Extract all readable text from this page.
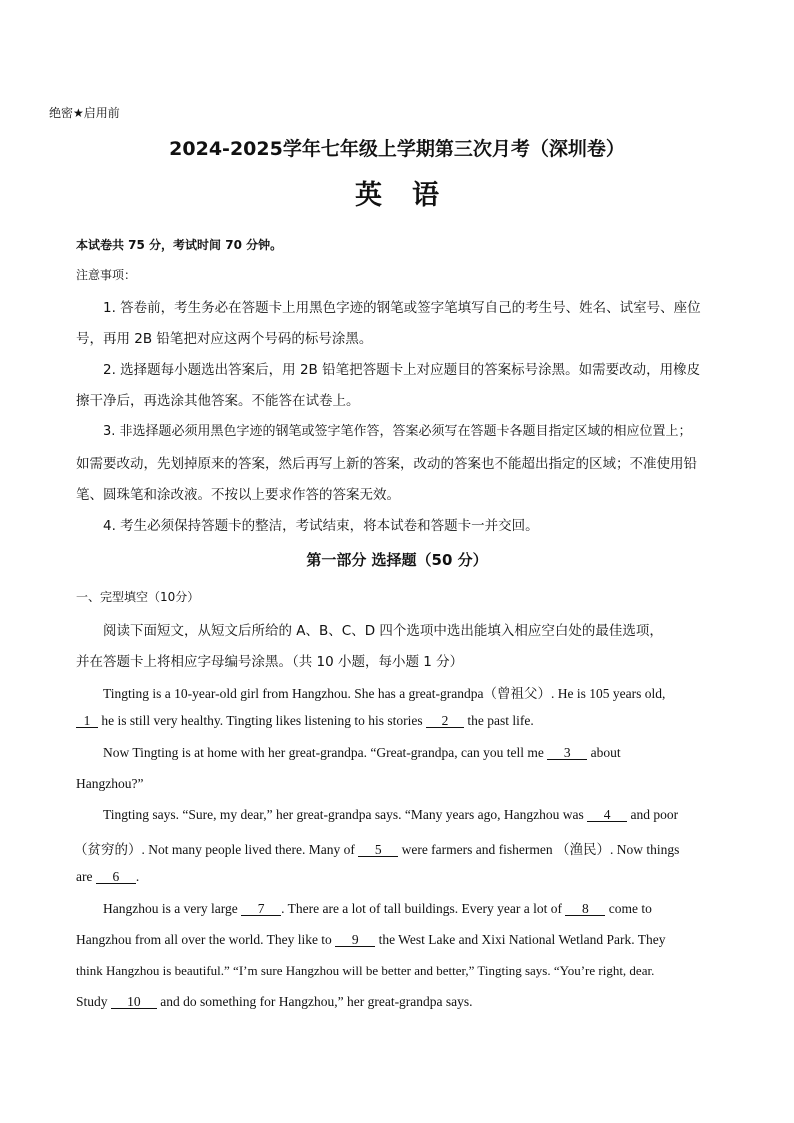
绝密★启用前
2024-2025学年七年级上学期第三次月考（深圳卷）
英语
本试卷共 75 分，考试时间 70 分钟。
注意事项：
1. 答卷前，考生务必在答题卡上用黑色字迹的钢笔或签字笔填写自己的考生号、姓名、试室号、座位
号，再用 2B 铅笔把对应这两个号码的标号涂黑。
2. 选择题每小题选出答案后，用 2B 铅笔把答题卡上对应题目的答案标号涂黑。如需要改动，用橡皮
擦干净后，再选涂其他答案。不能答在试卷上。
3. 非选择题必须用黑色字迹的钢笔或签字笔作答，答案必须写在答题卡各题目指定区域的相应位置上；
如需要改动，先划掉原来的答案，然后再写上新的答案，改动的答案也不能超出指定的区域；不准使用铅
笔、圆珠笔和涂改液。不按以上要求作答的答案无效。
4. 考生必须保持答题卡的整洁，考试结束，将本试卷和答题卡一并交回。
第一部分 选择题（50 分）
一、完型填空（10分）
阅读下面短文，从短文后所给的 A、B、C、D 四个选项中选出能填入相应空白处的最佳选项，
并在答题卡上将相应字母编号涂黑。（共 10 小题，每小题 1 分）
Tingting is a 10-year-old girl from Hangzhou. She has a great-grandpa（曾祖父）. He is 105 years old,
1 he is still very healthy. Tingting likes listening to his stories 2 the past life.
Now Tingting is at home with her great-grandpa. “Great-grandpa, can you tell me 3 about
Hangzhou?”
Tingting says. “Sure, my dear,” her great-grandpa says. “Many years ago, Hangzhou was 4 and poor
（贫穷的）. Not many people lived there. Many of 5 were farmers and fishermen （渔民）. Now things
are 6 .
Hangzhou is a very large 7 . There are a lot of tall buildings. Every year a lot of 8 come to
Hangzhou from all over the world. They like to 9 the West Lake and Xixi National Wetland Park. They
think Hangzhou is beautiful.” “I’m sure Hangzhou will be better and better,” Tingting says. “You’re right, dear.
Study 10 and do something for Hangzhou,” her great-grandpa says.
